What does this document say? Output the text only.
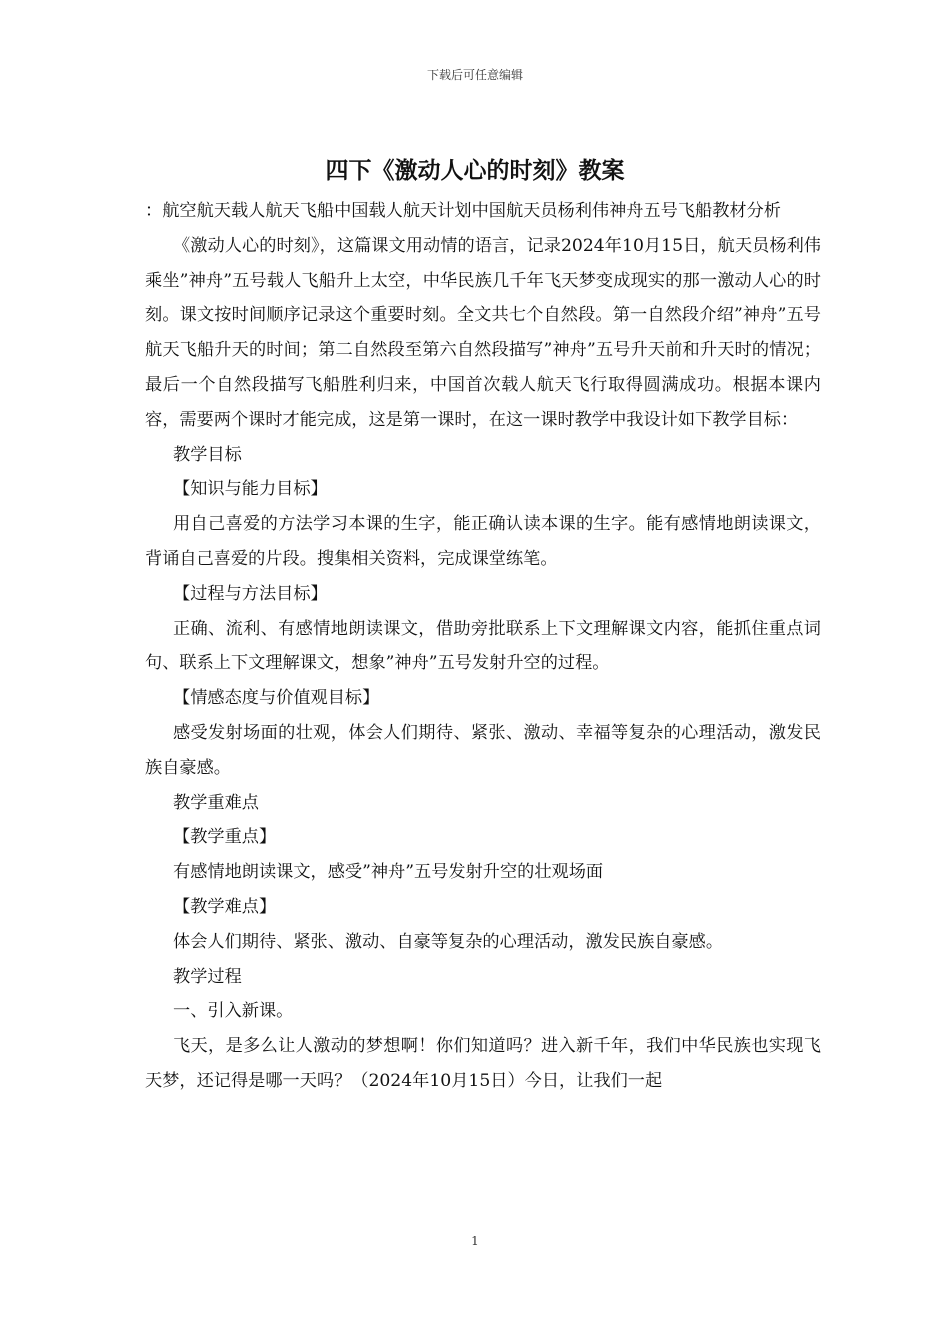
下载后可任意编辑
四下《激动人心的时刻》教案

：航空航天载人航天飞船中国载人航天计划中国航天员杨利伟神舟五号飞船教材分析

《激动人心的时刻》，这篇课文用动情的语言，记录2024年10月15日，航天员杨利伟乘坐”神舟”五号载人飞船升上太空，中华民族几千年飞天梦变成现实的那一激动人心的时刻。课文按时间顺序记录这个重要时刻。全文共七个自然段。第一自然段介绍”神舟”五号航天飞船升天的时间；第二自然段至第六自然段描写”神舟”五号升天前和升天时的情况；最后一个自然段描写飞船胜利归来，中国首次载人航天飞行取得圆满成功。根据本课内容，需要两个课时才能完成，这是第一课时，在这一课时教学中我设计如下教学目标：

教学目标

【知识与能力目标】

用自己喜爱的方法学习本课的生字，能正确认读本课的生字。能有感情地朗读课文，背诵自己喜爱的片段。搜集相关资料，完成课堂练笔。

【过程与方法目标】

正确、流利、有感情地朗读课文，借助旁批联系上下文理解课文内容，能抓住重点词句、联系上下文理解课文，想象”神舟”五号发射升空的过程。

【情感态度与价值观目标】

感受发射场面的壮观，体会人们期待、紧张、激动、幸福等复杂的心理活动，激发民族自豪感。

教学重难点

【教学重点】

有感情地朗读课文，感受”神舟”五号发射升空的壮观场面

【教学难点】

体会人们期待、紧张、激动、自豪等复杂的心理活动，激发民族自豪感。

教学过程

一、引入新课。

飞天，是多么让人激动的梦想啊！你们知道吗？进入新千年，我们中华民族也实现飞天梦，还记得是哪一天吗？（2024年10月15日）今日，让我们一起

1
